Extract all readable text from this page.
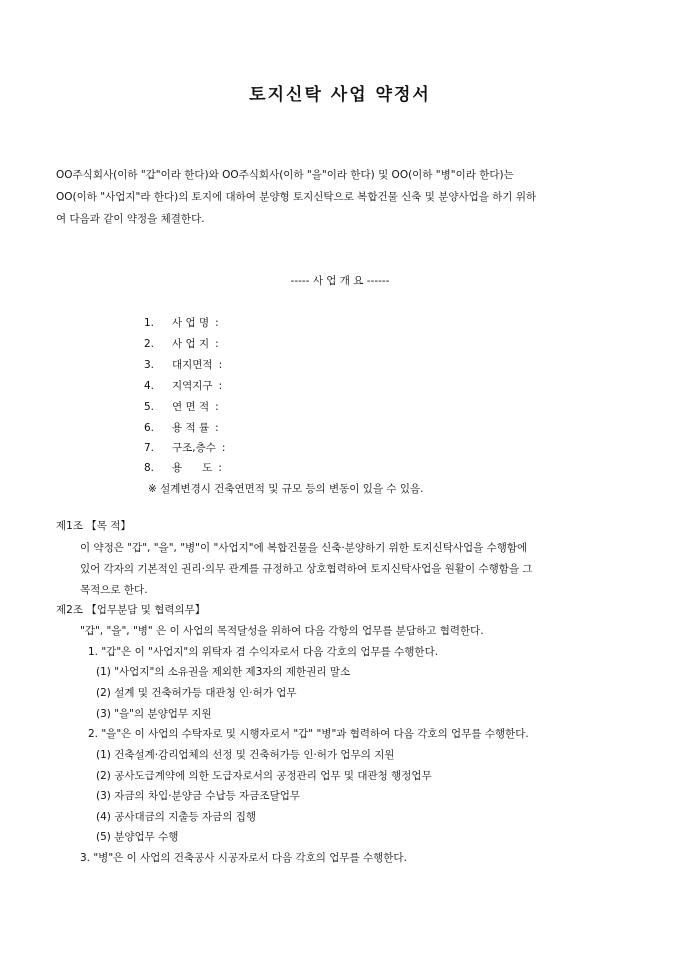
토지신탁 사업 약정서
OO주식회사(이하 "갑"이라 한다)와 OO주식회사(이하 "을"이라 한다) 및 OO(이하 "병"이라 한다)는
OO(이하 "사업지"라 한다)의 토지에 대하여 분양형 토지신탁으로 복합건물 신축 및 분양사업을 하기 위하
여 다음과 같이 약정을 체결한다.
----- 사 업 개 요 ------
1. 사 업 명 :
2. 사 업 지 :
3. 대지면적 :
4. 지역지구 :
5. 연 면 적 :
6. 용 적 률 :
7. 구조,층수 :
8. 용      도 :
※ 설계변경시 건축연면적 및 규모 등의 변동이 있을 수 있음.
제1조 【목 적】
이 약정은 "갑", "을", "병"이 "사업지"에 복합건물을 신축·분양하기 위한 토지신탁사업을 수행함에
있어 각자의 기본적인 권리·의무 관계를 규정하고 상호협력하여 토지신탁사업을 원활이 수행함을 그
목적으로 한다.
제2조 【업무분담 및 협력의무】
"갑", "을", "병" 은 이 사업의 목적달성을 위하여 다음 각항의 업무를 분담하고 협력한다.
1. "갑"은 이 "사업지"의 위탁자 겸 수익자로서 다음 각호의 업무를 수행한다.
(1) "사업지"의 소유권을 제외한 제3자의 제한권리 말소
(2) 설계 및 건축허가등 대관청 인·허가 업무
(3) "을"의 분양업무 지원
2. "을"은 이 사업의 수탁자로 및 시행자로서 "갑" "병"과 협력하여 다음 각호의 업무를 수행한다.
(1) 건축설계·감리업체의 선정 및 건축허가등 인·허가 업무의 지원
(2) 공사도급계약에 의한 도급자로서의 공정관리 업무 및 대관청 행정업무
(3) 자금의 차입·분양금 수납등 자금조달업무
(4) 공사대금의 지출등 자금의 집행
(5) 분양업무 수행
3. "병"은 이 사업의 건축공사 시공자로서 다음 각호의 업무를 수행한다.
